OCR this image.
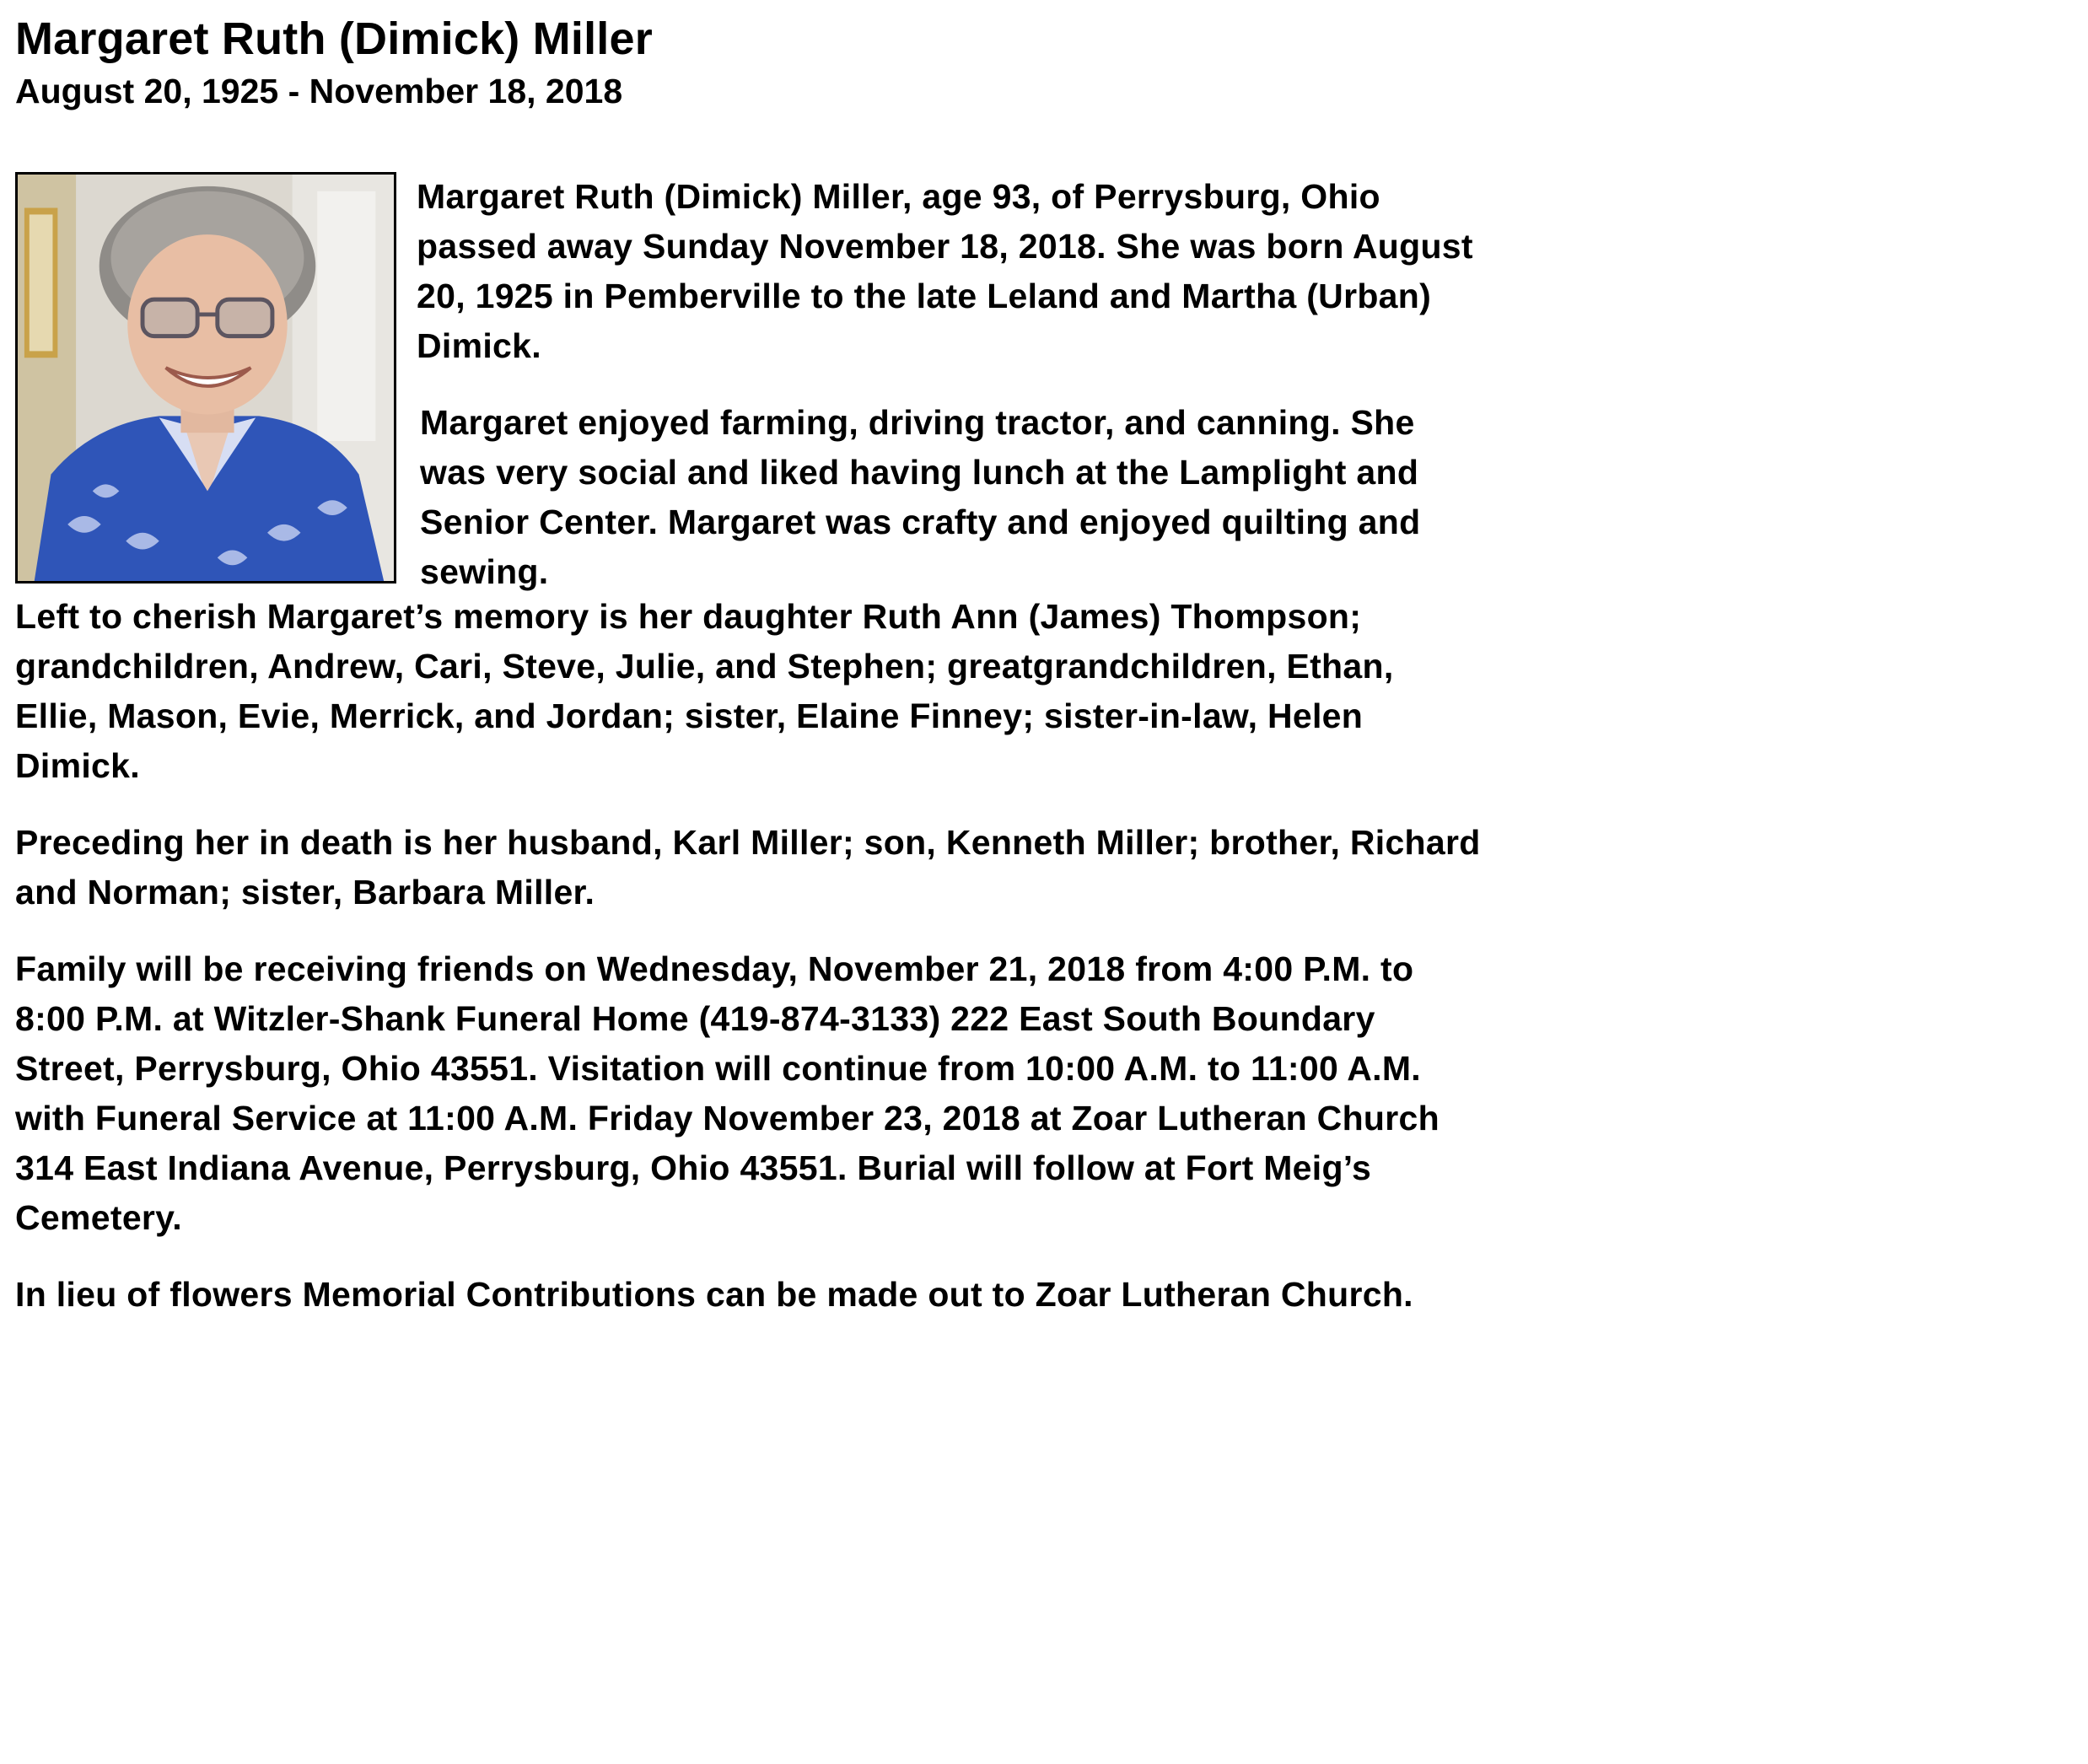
Margaret Ruth (Dimick) Miller
August 20, 1925 - November 18, 2018

Margaret Ruth (Dimick) Miller, age 93, of Perrysburg, Ohio passed away Sunday November 18, 2018. She was born August 20, 1925 in Pemberville to the late Leland and Martha (Urban) Dimick.

Margaret enjoyed farming, driving tractor, and canning. She was very social and liked having lunch at the Lamplight and Senior Center. Margaret was crafty and enjoyed quilting and sewing.

Left to cherish Margaret’s memory is her daughter Ruth Ann (James) Thompson; grandchildren, Andrew, Cari, Steve, Julie, and Stephen; greatgrandchildren, Ethan, Ellie, Mason, Evie, Merrick, and Jordan; sister, Elaine Finney; sister-in-law, Helen Dimick.

Preceding her in death is her husband, Karl Miller; son, Kenneth Miller; brother, Richard and Norman; sister, Barbara Miller.

Family will be receiving friends on Wednesday, November 21, 2018 from 4:00 P.M. to 8:00 P.M. at Witzler-Shank Funeral Home (419-874-3133) 222 East South Boundary Street, Perrysburg, Ohio 43551. Visitation will continue from 10:00 A.M. to 11:00 A.M. with Funeral Service at 11:00 A.M. Friday November 23, 2018 at Zoar Lutheran Church 314 East Indiana Avenue, Perrysburg, Ohio 43551. Burial will follow at Fort Meig’s Cemetery.

In lieu of flowers Memorial Contributions can be made out to Zoar Lutheran Church.
